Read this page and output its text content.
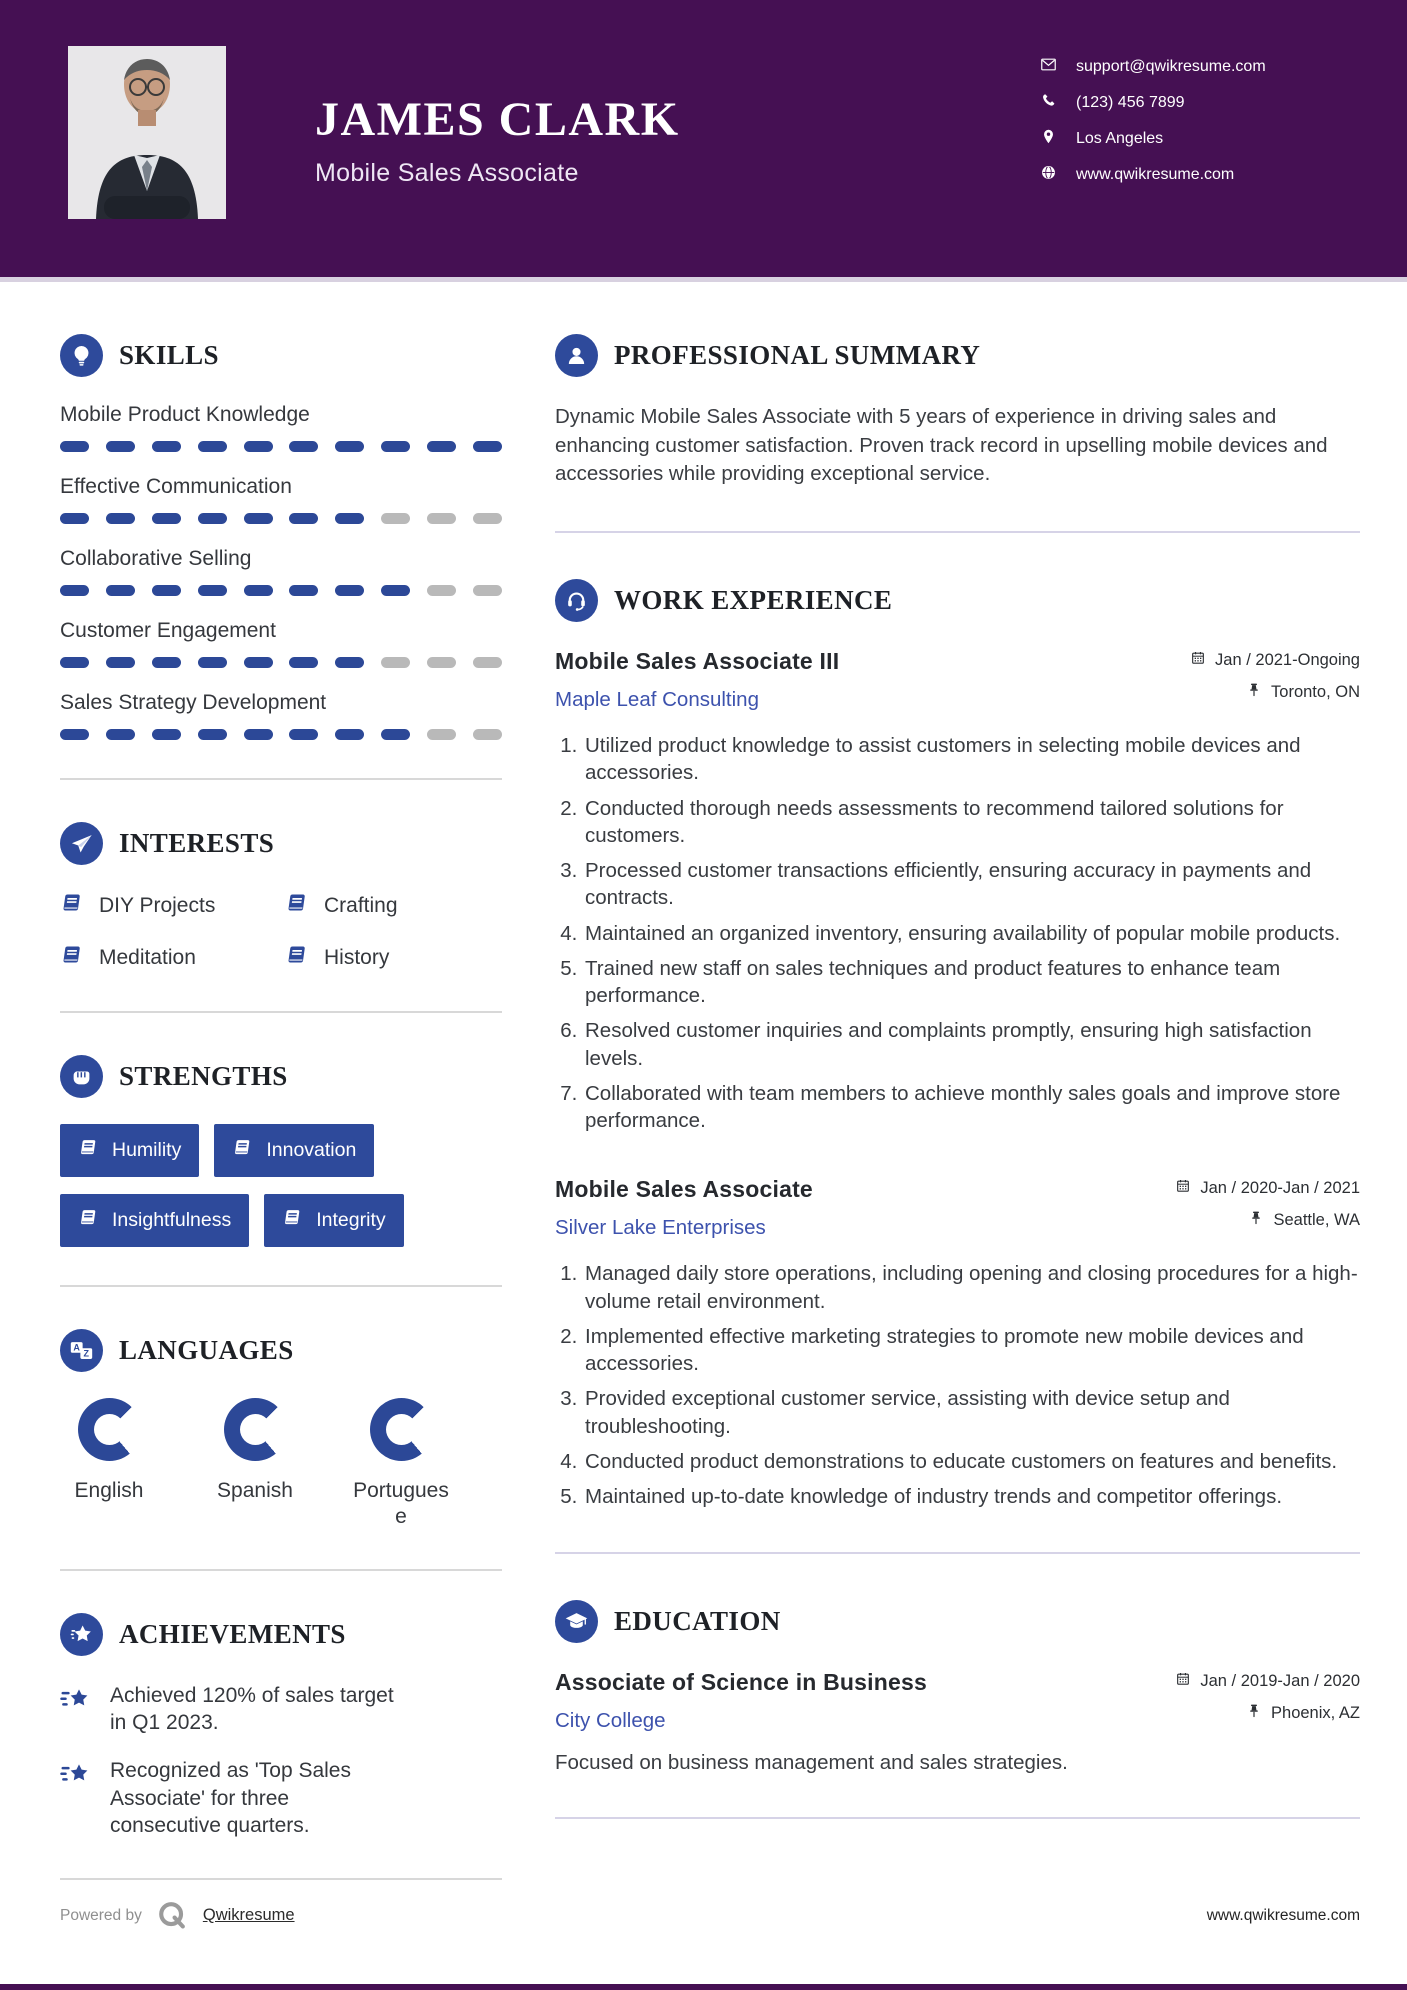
JAMES CLARK
Mobile Sales Associate
support@qwikresume.com
(123) 456 7899
Los Angeles
www.qwikresume.com
SKILLS
Mobile Product Knowledge
Effective Communication
Collaborative Selling
Customer Engagement
Sales Strategy Development
INTERESTS
DIY Projects	Crafting
Meditation	History
STRENGTHS
Humility	Innovation
Insightfulness	Integrity
A
Z LANGUAGES
English	Spanish	Portuguese
ACHIEVEMENTS
Achieved 120% of sales target in Q1 2023.
Recognized as 'Top Sales Associate' for three consecutive quarters.
PROFESSIONAL SUMMARY

Dynamic Mobile Sales Associate with 5 years of experience in driving sales and enhancing customer satisfaction. Proven track record in upselling mobile devices and accessories while providing exceptional service.

WORK EXPERIENCE
Mobile Sales Associate III
Maple Leaf Consulting
Jan / 2021-Ongoing
Toronto, ON
1. Utilized product knowledge to assist customers in selecting mobile devices and accessories.
2. Conducted thorough needs assessments to recommend tailored solutions for customers.
3. Processed customer transactions efficiently, ensuring accuracy in payments and contracts.
4. Maintained an organized inventory, ensuring availability of popular mobile products.
5. Trained new staff on sales techniques and product features to enhance team performance.
6. Resolved customer inquiries and complaints promptly, ensuring high satisfaction levels.
7. Collaborated with team members to achieve monthly sales goals and improve store performance.
Mobile Sales Associate
Silver Lake Enterprises
Jan / 2020-Jan / 2021
Seattle, WA
1. Managed daily store operations, including opening and closing procedures for a high-volume retail environment.
2. Implemented effective marketing strategies to promote new mobile devices and accessories.
3. Provided exceptional customer service, assisting with device setup and troubleshooting.
4. Conducted product demonstrations to educate customers on features and benefits.
5. Maintained up-to-date knowledge of industry trends and competitor offerings.
EDUCATION
Associate of Science in Business
City College
Jan / 2019-Jan / 2020
Phoenix, AZ
Focused on business management and sales strategies.
Powered by	Qwikresume	www.qwikresume.com
